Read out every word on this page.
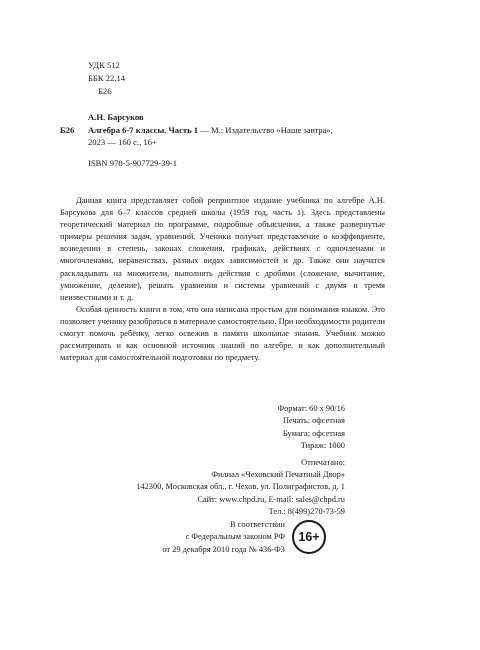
УДК 512
ББК 22.14
Б26
А.Н. Барсуков
Б26	Алгебра 6-7 классы. Часть 1 — М.: Издательство «Наше завтра»,
2023 — 160 с., 16+
ISBN 978-5-907729-39-1

Данная книга представляет собой репринтное издание учебника по алгебре А.Н. Барсукова для 6–7 классов средней школы (1959 год, часть 1). Здесь представлены теоретический материал по программе, подробные объяснения, а также развернутые примеры решения задач, уравнений. Ученики получат представление о коэффициенте, возведении в степень, законах сложения, графиках, действиях с одночленами и многочленами, неравенствах, разных видах зависимостей и др. Также они научатся раскладывать на множители, выполнять действия с дробями (сложение, вычитание, умножение, деление), решать уравнения и системы уравнений с двумя и тремя неизвестными и т. д.

Особая ценность книги в том, что она написана простым для понимания языком. Это позволяет ученику разобраться в материале самостоятельно. При необходимости родители смогут помочь ребёнку, легко освежив в памяти школьные знания. Учебник можно рассматривать и как основной источник знаний по алгебре, и как дополнительный материал для самостоятельной подготовки по предмету.

Формат: 60 x 90/16
Печать: офсетная
Бумага: офсетная
Тираж: 1000
Отпечатано:
Филиал «Чеховский Печатный Двор»
142300, Московская обл., г. Чехов, ул. Полиграфистов, д. 1
Сайт: www.chpd.ru, E-mail: sales@chpd.ru
Тел.: 8(499)270-73-59
В соответствии
с Федеральным законом РФ
от 29 декабря 2010 года № 436-ФЗ
16+
